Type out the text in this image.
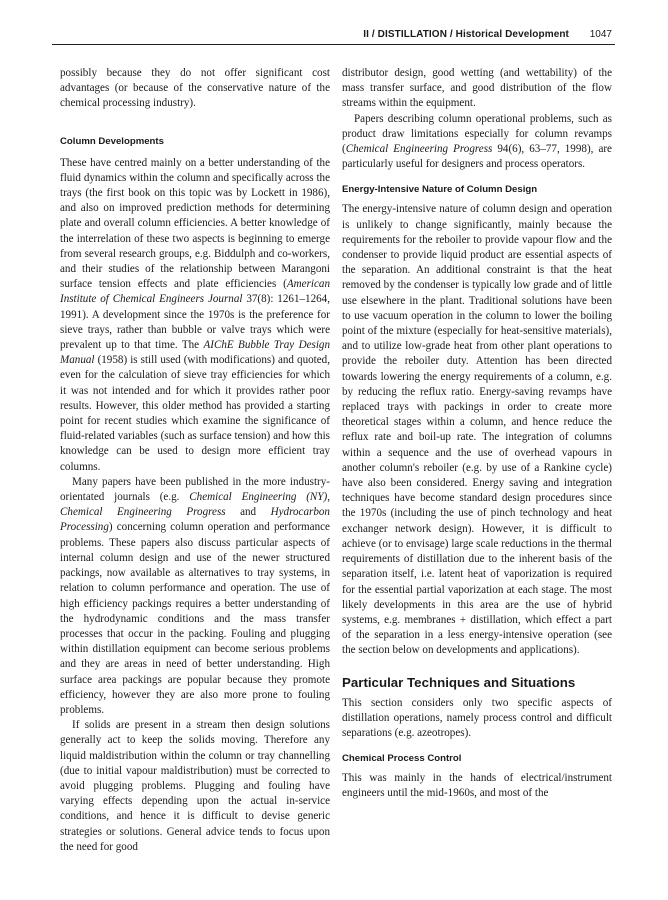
II / DISTILLATION / Historical Development 1047

possibly because they do not offer significant cost advantages (or because of the conservative nature of the chemical processing industry).

Column Developments

These have centred mainly on a better understanding of the fluid dynamics within the column and specifically across the trays (the first book on this topic was by Lockett in 1986), and also on improved prediction methods for determining plate and overall column efficiencies. A better knowledge of the interrelation of these two aspects is beginning to emerge from several research groups, e.g. Biddulph and co-workers, and their studies of the relationship between Marangoni surface tension effects and plate efficiencies (American Institute of Chemical Engineers Journal 37(8): 1261–1264, 1991). A development since the 1970s is the preference for sieve trays, rather than bubble or valve trays which were prevalent up to that time. The AIChE Bubble Tray Design Manual (1958) is still used (with modifications) and quoted, even for the calculation of sieve tray efficiencies for which it was not intended and for which it provides rather poor results. However, this older method has provided a starting point for recent studies which examine the significance of fluid-related variables (such as surface tension) and how this knowledge can be used to design more efficient tray columns.

Many papers have been published in the more industry-orientated journals (e.g. Chemical Engineering (NY), Chemical Engineering Progress and Hydrocarbon Processing) concerning column operation and performance problems. These papers also discuss particular aspects of internal column design and use of the newer structured packings, now available as alternatives to tray systems, in relation to column performance and operation. The use of high efficiency packings requires a better understanding of the hydrodynamic conditions and the mass transfer processes that occur in the packing. Fouling and plugging within distillation equipment can become serious problems and they are areas in need of better understanding. High surface area packings are popular because they promote efficiency, however they are also more prone to fouling problems.

If solids are present in a stream then design solutions generally act to keep the solids moving. Therefore any liquid maldistribution within the column or tray channelling (due to initial vapour maldistribution) must be corrected to avoid plugging problems. Plugging and fouling have varying effects depending upon the actual in-service conditions, and hence it is difficult to devise generic strategies or solutions. General advice tends to focus upon the need for good

distributor design, good wetting (and wettability) of the mass transfer surface, and good distribution of the flow streams within the equipment.

Papers describing column operational problems, such as product draw limitations especially for column revamps (Chemical Engineering Progress 94(6), 63–77, 1998), are particularly useful for designers and process operators.

Energy-Intensive Nature of Column Design

The energy-intensive nature of column design and operation is unlikely to change significantly, mainly because the requirements for the reboiler to provide vapour flow and the condenser to provide liquid product are essential aspects of the separation. An additional constraint is that the heat removed by the condenser is typically low grade and of little use elsewhere in the plant. Traditional solutions have been to use vacuum operation in the column to lower the boiling point of the mixture (especially for heat-sensitive materials), and to utilize low-grade heat from other plant operations to provide the reboiler duty. Attention has been directed towards lowering the energy requirements of a column, e.g. by reducing the reflux ratio. Energy-saving revamps have replaced trays with packings in order to create more theoretical stages within a column, and hence reduce the reflux rate and boil-up rate. The integration of columns within a sequence and the use of overhead vapours in another column's reboiler (e.g. by use of a Rankine cycle) have also been considered. Energy saving and integration techniques have become standard design procedures since the 1970s (including the use of pinch technology and heat exchanger network design). However, it is difficult to achieve (or to envisage) large scale reductions in the thermal requirements of distillation due to the inherent basis of the separation itself, i.e. latent heat of vaporization is required for the essential partial vaporization at each stage. The most likely developments in this area are the use of hybrid systems, e.g. membranes + distillation, which effect a part of the separation in a less energy-intensive operation (see the section below on developments and applications).

Particular Techniques and Situations

This section considers only two specific aspects of distillation operations, namely process control and difficult separations (e.g. azeotropes).

Chemical Process Control

This was mainly in the hands of electrical/instrument engineers until the mid-1960s, and most of the
